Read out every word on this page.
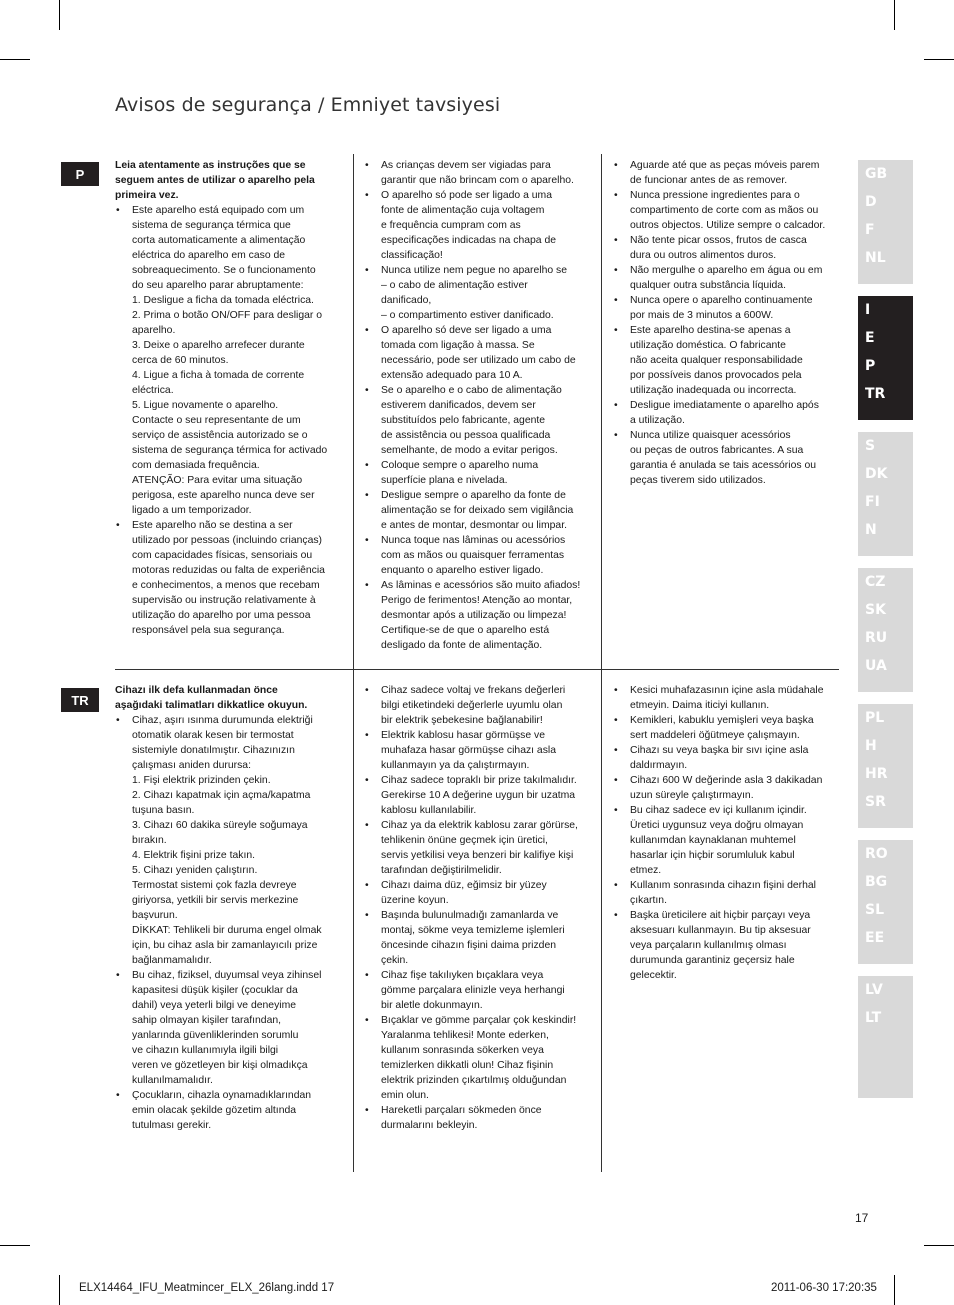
Avisos de segurança / Emniyet tavsiyesi
P

Leia atentamente as instruções que se
seguem antes de utilizar o aparelho pela
primeira vez.

• Este aparelho está equipado com um
sistema de segurança térmica que
corta automaticamente a alimentação
eléctrica do aparelho em caso de
sobreaquecimento. Se o funcionamento
do seu aparelho parar abruptamente:
1. Desligue a ficha da tomada eléctrica.
2. Prima o botão ON/OFF para desligar o
aparelho.
3. Deixe o aparelho arrefecer durante
cerca de 60 minutos.
4. Ligue a ficha à tomada de corrente
eléctrica.
5. Ligue novamente o aparelho.
Contacte o seu representante de um
serviço de assistência autorizado se o
sistema de segurança térmica for activado
com demasiada frequência.
ATENÇÃO: Para evitar uma situação
perigosa, este aparelho nunca deve ser
ligado a um temporizador.
• Este aparelho não se destina a ser
utilizado por pessoas (incluindo crianças)
com capacidades físicas, sensoriais ou
motoras reduzidas ou falta de experiência
e conhecimentos, a menos que recebam
supervisão ou instrução relativamente à
utilização do aparelho por uma pessoa
responsável pela sua segurança.
• As crianças devem ser vigiadas para
garantir que não brincam com o aparelho.
• O aparelho só pode ser ligado a uma
fonte de alimentação cuja voltagem
e frequência cumpram com as
especificações indicadas na chapa de
classificação!
• Nunca utilize nem pegue no aparelho se
– o cabo de alimentação estiver
danificado,
– o compartimento estiver danificado.
• O aparelho só deve ser ligado a uma
tomada com ligação à massa. Se
necessário, pode ser utilizado um cabo de
extensão adequado para 10 A.
• Se o aparelho e o cabo de alimentação
estiverem danificados, devem ser
substituídos pelo fabricante, agente
de assistência ou pessoa qualificada
semelhante, de modo a evitar perigos.
• Coloque sempre o aparelho numa
superfície plana e nivelada.
• Desligue sempre o aparelho da fonte de
alimentação se for deixado sem vigilância
e antes de montar, desmontar ou limpar.
• Nunca toque nas lâminas ou acessórios
com as mãos ou quaisquer ferramentas
enquanto o aparelho estiver ligado.
• As lâminas e acessórios são muito afiados!
Perigo de ferimentos! Atenção ao montar,
desmontar após a utilização ou limpeza!
Certifique-se de que o aparelho está
desligado da fonte de alimentação.
• Aguarde até que as peças móveis parem
de funcionar antes de as remover.
• Nunca pressione ingredientes para o
compartimento de corte com as mãos ou
outros objectos. Utilize sempre o calcador.
• Não tente picar ossos, frutos de casca
dura ou outros alimentos duros.
• Não mergulhe o aparelho em água ou em
qualquer outra substância líquida.
• Nunca opere o aparelho continuamente
por mais de 3 minutos a 600W.
• Este aparelho destina-se apenas a
utilização doméstica. O fabricante
não aceita qualquer responsabilidade
por possíveis danos provocados pela
utilização inadequada ou incorrecta.
• Desligue imediatamente o aparelho após
a utilização.
• Nunca utilize quaisquer acessórios
ou peças de outros fabricantes. A sua
garantia é anulada se tais acessórios ou
peças tiverem sido utilizados.
TR

Cihazı ilk defa kullanmadan önce
aşağıdaki talimatları dikkatlice okuyun.

• Cihaz, aşırı ısınma durumunda elektriği
otomatik olarak kesen bir termostat
sistemiyle donatılmıştır. Cihazınızın
çalışması aniden durursa:
1. Fişi elektrik prizinden çekin.
2. Cihazı kapatmak için açma/kapatma
tuşuna basın.
3. Cihazı 60 dakika süreyle soğumaya
bırakın.
4. Elektrik fişini prize takın.
5. Cihazı yeniden çalıştırın.
Termostat sistemi çok fazla devreye
giriyorsa, yetkili bir servis merkezine
başvurun.
DİKKAT: Tehlikeli bir duruma engel olmak
için, bu cihaz asla bir zamanlayıcılı prize
bağlanmamalıdır.
• Bu cihaz, fiziksel, duyumsal veya zihinsel
kapasitesi düşük kişiler (çocuklar da
dahil) veya yeterli bilgi ve deneyime
sahip olmayan kişiler tarafından,
yanlarında güvenliklerinden sorumlu
ve cihazın kullanımıyla ilgili bilgi
veren ve gözetleyen bir kişi olmadıkça
kullanılmamalıdır.
• Çocukların, cihazla oynamadıklarından
emin olacak şekilde gözetim altında
tutulması gerekir.
• Cihaz sadece voltaj ve frekans değerleri
bilgi etiketindeki değerlerle uyumlu olan
bir elektrik şebekesine bağlanabilir!
• Elektrik kablosu hasar görmüşse ve
muhafaza hasar görmüşse cihazı asla
kullanmayın ya da çalıştırmayın.
• Cihaz sadece topraklı bir prize takılmalıdır.
Gerekirse 10 A değerine uygun bir uzatma
kablosu kullanılabilir.
• Cihaz ya da elektrik kablosu zarar görürse,
tehlikenin önüne geçmek için üretici,
servis yetkilisi veya benzeri bir kalifiye kişi
tarafından değiştirilmelidir.
• Cihazı daima düz, eğimsiz bir yüzey
üzerine koyun.
• Başında bulunulmadığı zamanlarda ve
montaj, sökme veya temizleme işlemleri
öncesinde cihazın fişini daima prizden
çekin.
• Cihaz fişe takılıyken bıçaklara veya
gömme parçalara elinizle veya herhangi
bir aletle dokunmayın.
• Bıçaklar ve gömme parçalar çok keskindir!
Yaralanma tehlikesi! Monte ederken,
kullanım sonrasında sökerken veya
temizlerken dikkatli olun! Cihaz fişinin
elektrik prizinden çıkartılmış olduğundan
emin olun.
• Hareketli parçaları sökmeden önce
durmalarını bekleyin.
• Kesici muhafazasının içine asla müdahale
etmeyin. Daima iticiyi kullanın.
• Kemikleri, kabuklu yemişleri veya başka
sert maddeleri öğütmeye çalışmayın.
• Cihazı su veya başka bir sıvı içine asla
daldırmayın.
• Cihazı 600 W değerinde asla 3 dakikadan
uzun süreyle çalıştırmayın.
• Bu cihaz sadece ev içi kullanım içindir.
Üretici uygunsuz veya doğru olmayan
kullanımdan kaynaklanan muhtemel
hasarlar için hiçbir sorumluluk kabul
etmez.
• Kullanım sonrasında cihazın fişini derhal
çıkartın.
• Başka üreticilere ait hiçbir parçayı veya
aksesuarı kullanmayın. Bu tip aksesuar
veya parçaların kullanılmış olması
durumunda garantiniz geçersiz hale
gelecektir.
GB
D
F
NL
I
E
P
TR
S
DK
FI
N
CZ
SK
RU
UA
PL
H
HR
SR
RO
BG
SL
EE
LV
LT
17
ELX14464_IFU_Meatmincer_ELX_26lang.indd 17	2011-06-30 17:20:35
